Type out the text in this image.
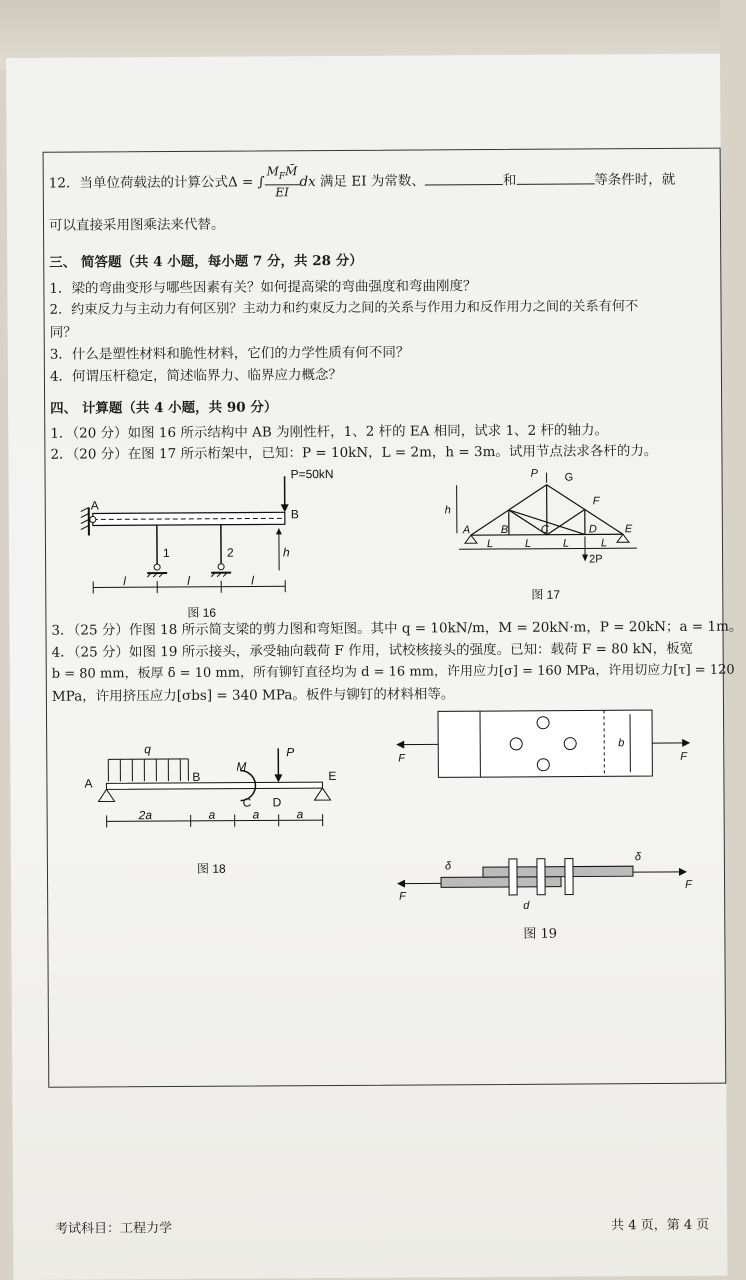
12．当单位荷载法的计算公式Δ = ∫ $\frac{M_FM̄}{EI}$ dx 满足 EI 为常数、	和	等条件时，就
可以直接采用图乘法来代替。
三、 简答题（共 4 小题，每小题 7 分，共 28 分）
1．梁的弯曲变形与哪些因素有关？如何提高梁的弯曲强度和弯曲刚度？
2．约束反力与主动力有何区别？主动力和约束反力之间的关系与作用力和反作用力之间的关系有何不
同？
3．什么是塑性材料和脆性材料，它们的力学性质有何不同？
4．何谓压杆稳定，简述临界力、临界应力概念？
四、 计算题（共 4 小题，共 90 分）
1．（20 分）如图 16 所示结构中 AB 为刚性杆，1、2 杆的 EA 相同，试求 1、2 杆的轴力。
2．（20 分）在图 17 所示桁架中，已知：P = 10kN，L = 2m，h = 3m。试用节点法求各杆的力。
P=50kN
A
B
1	2	h
l	l	l
图 16
h
P G
F
A	B	C	D	E
L	L	L	L
2P
图 17
3．（25 分）作图 18 所示简支梁的剪力图和弯矩图。其中 q = 10kN/m，M = 20kN·m，P = 20kN；a = 1m。
4．（25 分）如图 19 所示接头，承受轴向载荷 F 作用，试校核接头的强度。已知：载荷 F = 80 kN，板宽
b = 80 mm，板厚 δ = 10 mm，所有铆钉直径均为 d = 16 mm，许用应力[σ] = 160 MPa，许用切应力[τ] = 120
MPa，许用挤压应力[σbs] = 340 MPa。板件与铆钉的材料相等。
q
A	B
C D
E
M
P
2a	a	a	a
图 18
F	F
b
F
F
δ
δ
d
图 19
考试科目：工程力学	共 4 页，第 4 页
